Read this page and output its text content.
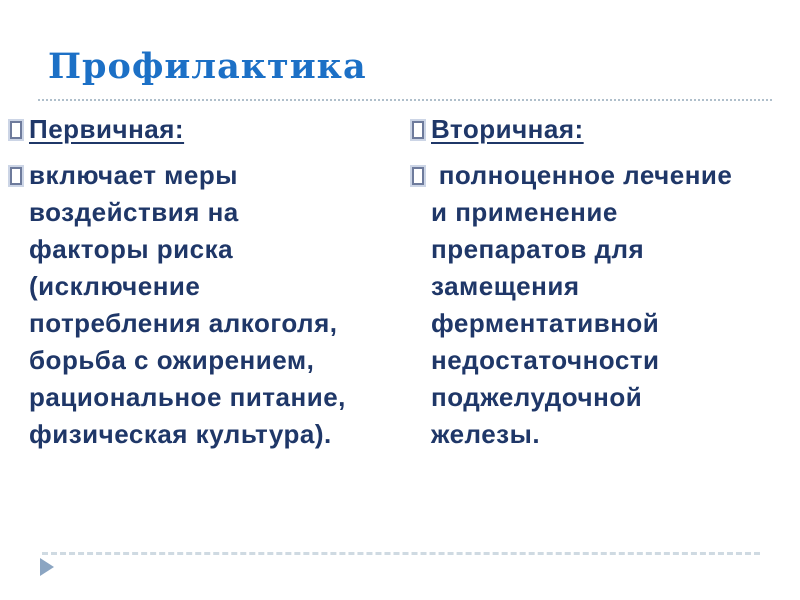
Профилактика
Первичная:
включает меры
воздействия на
факторы риска
(исключение
потребления алкоголя,
борьба с ожирением,
рациональное питание,
физическая культура).
Вторичная:
полноценное лечение
и применение
препаратов для
замещения
ферментативной
недостаточности
поджелудочной
железы.
